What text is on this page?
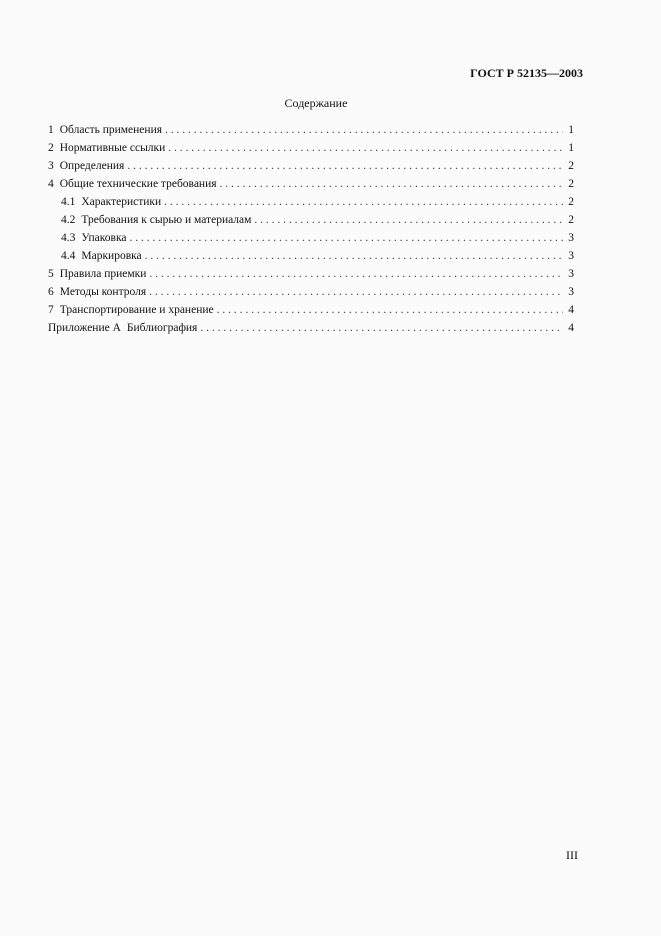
ГОСТ Р 52135—2003
Содержание
1 Область применения . . .	1
2 Нормативные ссылки . . .	1
3 Определения . . .	2
4 Общие технические требования . . .	2
4.1 Характеристики . . .	2
4.2 Требования к сырью и материалам . . .	2
4.3 Упаковка . . .	3
4.4 Маркировка . . .	3
5 Правила приемки . . .	3
6 Методы контроля . . .	3
7 Транспортирование и хранение . . .	4
Приложение А Библиография . . .	4
III
